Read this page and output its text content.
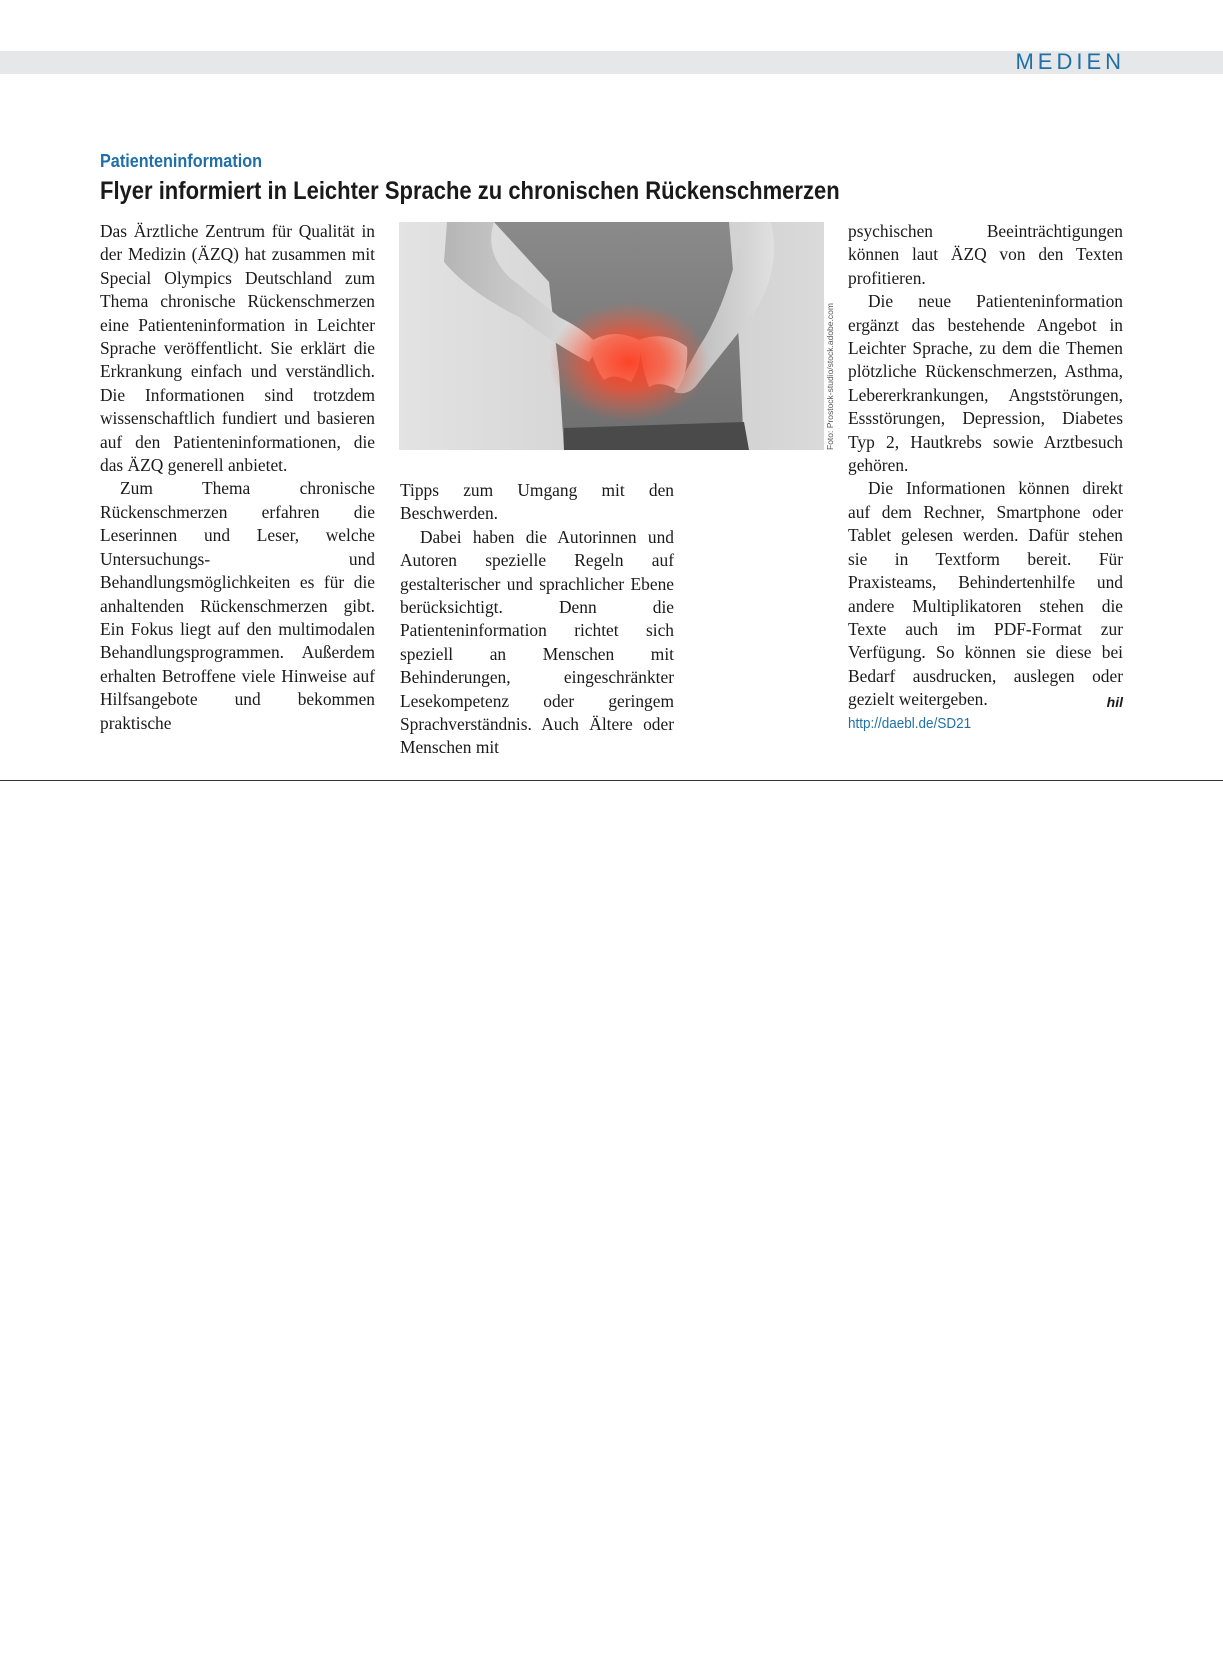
MEDIEN
Patienteninformation
Flyer informiert in Leichter Sprache zu chronischen Rückenschmerzen

Das Ärztliche Zentrum für Qualität in der Medizin (ÄZQ) hat zusammen mit Special Olympics Deutschland zum Thema chronische Rückenschmerzen eine Patienteninformation in Leichter Sprache veröffentlicht. Sie erklärt die Erkrankung einfach und verständlich. Die Informationen sind trotzdem wissenschaftlich fundiert und basieren auf den Patienteninformationen, die das ÄZQ generell anbietet.

Zum Thema chronische Rückenschmerzen erfahren die Leserinnen und Leser, welche Untersuchungs- und Behandlungsmöglichkeiten es für die anhaltenden Rückenschmerzen gibt. Ein Fokus liegt auf den multimodalen Behandlungsprogrammen. Außerdem erhalten Betroffene viele Hinweise auf Hilfsangebote und bekommen praktische

Foto: Prostock-studio/stock.adobe.com

Tipps zum Umgang mit den Beschwerden.

Dabei haben die Autorinnen und Autoren spezielle Regeln auf gestalterischer und sprachlicher Ebene berücksichtigt. Denn die Patienteninformation richtet sich speziell an Menschen mit Behinderungen, eingeschränkter Lesekompetenz oder geringem Sprachverständnis. Auch Ältere oder Menschen mit

psychischen Beeinträchtigungen können laut ÄZQ von den Texten profitieren.

Die neue Patienteninformation ergänzt das bestehende Angebot in Leichter Sprache, zu dem die Themen plötzliche Rückenschmerzen, Asthma, Lebererkrankungen, Angststörungen, Essstörungen, Depression, Diabetes Typ 2, Hautkrebs sowie Arztbesuch gehören.

Die Informationen können direkt auf dem Rechner, Smartphone oder Tablet gelesen werden. Dafür stehen sie in Textform bereit. Für Praxisteams, Behindertenhilfe und andere Multiplikatoren stehen die Texte auch im PDF-Format zur Verfügung. So können sie diese bei Bedarf ausdrucken, auslegen oder gezielt weitergeben.	hil

http://daebl.de/SD21
